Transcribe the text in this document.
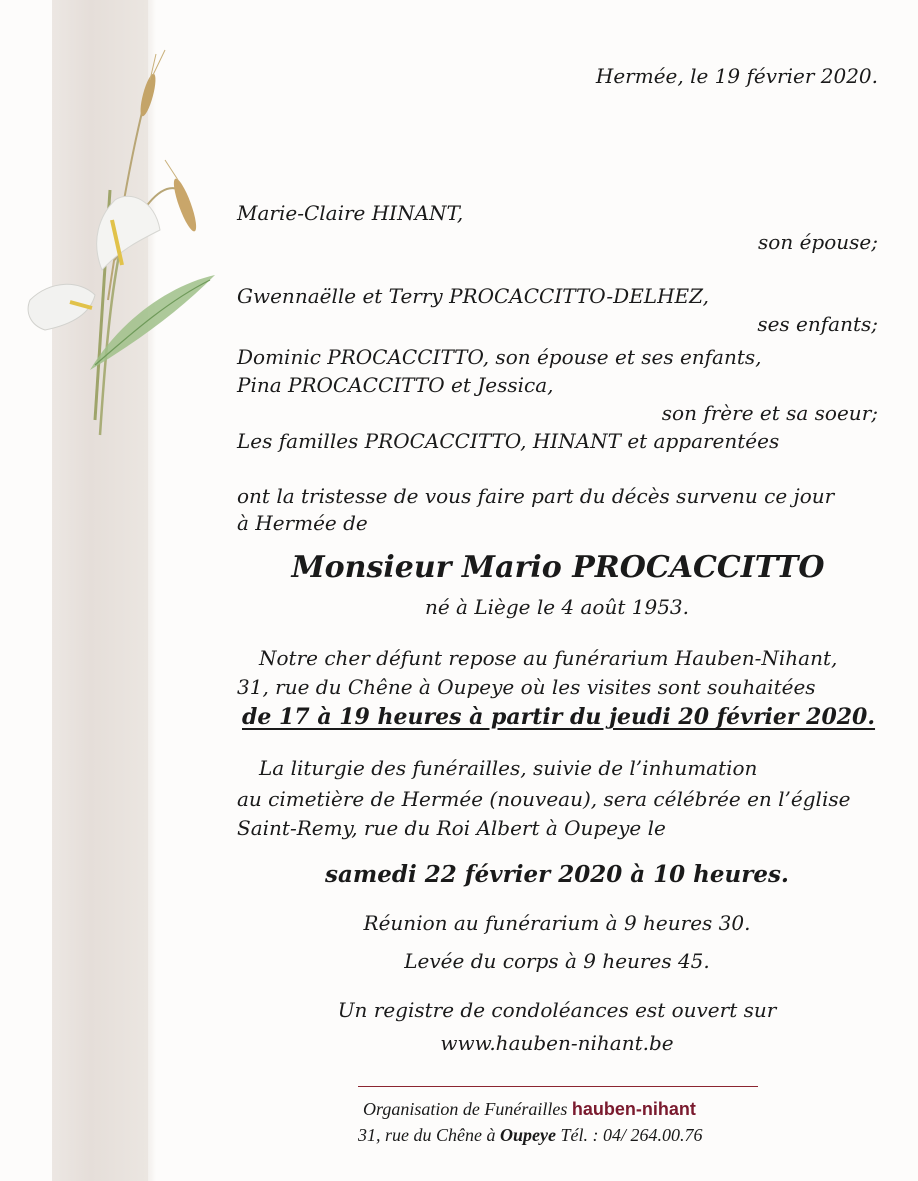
Hermée, le 19 février 2020.
Marie-Claire HINANT,
son épouse;
Gwennaëlle et Terry PROCACCITTO-DELHEZ,
ses enfants;
Dominic PROCACCITTO, son épouse et ses enfants,
Pina PROCACCITTO et Jessica,
son frère et sa soeur;
Les familles PROCACCITTO, HINANT et apparentées
ont la tristesse de vous faire part du décès survenu ce jour
à Hermée de
Monsieur Mario PROCACCITTO
né à Liège le 4 août 1953.
Notre cher défunt repose au funérarium Hauben-Nihant,
31, rue du Chêne à Oupeye où les visites sont souhaitées
de 17 à 19 heures à partir du jeudi 20 février 2020.
La liturgie des funérailles, suivie de l’inhumation
au cimetière de Hermée (nouveau), sera célébrée en l’église
Saint-Remy, rue du Roi Albert à Oupeye le
samedi 22 février 2020 à 10 heures.
Réunion au funérarium à 9 heures 30.
Levée du corps à 9 heures 45.
Un registre de condoléances est ouvert sur
www.hauben-nihant.be
Organisation de Funérailles hauben-nihant
31, rue du Chêne à Oupeye Tél. : 04/ 264.00.76
